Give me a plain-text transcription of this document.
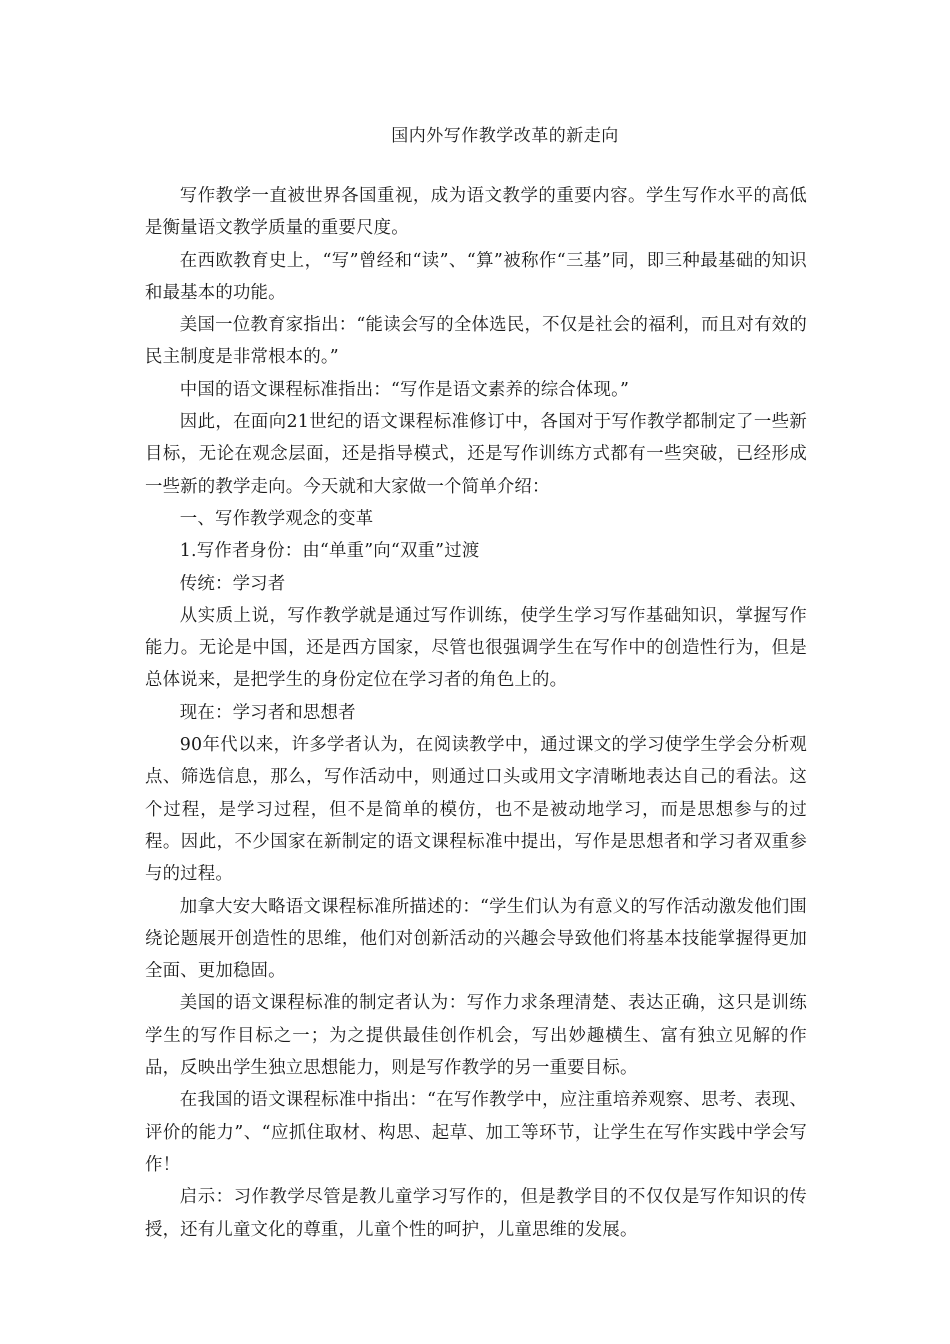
国内外写作教学改革的新走向

写作教学一直被世界各国重视，成为语文教学的重要内容。学生写作水平的高低是衡量语文教学质量的重要尺度。

在西欧教育史上，“写”曾经和“读”、“算”被称作“三基”同，即三种最基础的知识和最基本的功能。

美国一位教育家指出：“能读会写的全体选民，不仅是社会的福利，而且对有效的民主制度是非常根本的。”

中国的语文课程标准指出：“写作是语文素养的综合体现。”

因此，在面向21世纪的语文课程标准修订中，各国对于写作教学都制定了一些新目标，无论在观念层面，还是指导模式，还是写作训练方式都有一些突破，已经形成一些新的教学走向。今天就和大家做一个简单介绍：

一、写作教学观念的变革

1.写作者身份：由“单重”向“双重”过渡

传统：学习者

从实质上说，写作教学就是通过写作训练，使学生学习写作基础知识，掌握写作能力。无论是中国，还是西方国家，尽管也很强调学生在写作中的创造性行为，但是总体说来，是把学生的身份定位在学习者的角色上的。

现在：学习者和思想者

90年代以来，许多学者认为，在阅读教学中，通过课文的学习使学生学会分析观点、筛选信息，那么，写作活动中，则通过口头或用文字清晰地表达自己的看法。这个过程，是学习过程，但不是简单的模仿，也不是被动地学习，而是思想参与的过程。因此，不少国家在新制定的语文课程标准中提出，写作是思想者和学习者双重参与的过程。

加拿大安大略语文课程标准所描述的：“学生们认为有意义的写作活动激发他们围绕论题展开创造性的思维，他们对创新活动的兴趣会导致他们将基本技能掌握得更加全面、更加稳固。

美国的语文课程标准的制定者认为：写作力求条理清楚、表达正确，这只是训练学生的写作目标之一；为之提供最佳创作机会，写出妙趣横生、富有独立见解的作品，反映出学生独立思想能力，则是写作教学的另一重要目标。

在我国的语文课程标准中指出：“在写作教学中，应注重培养观察、思考、表现、评价的能力”、“应抓住取材、构思、起草、加工等环节，让学生在写作实践中学会写作！

启示：习作教学尽管是教儿童学习写作的，但是教学目的不仅仅是写作知识的传授，还有儿童文化的尊重，儿童个性的呵护，儿童思维的发展。
